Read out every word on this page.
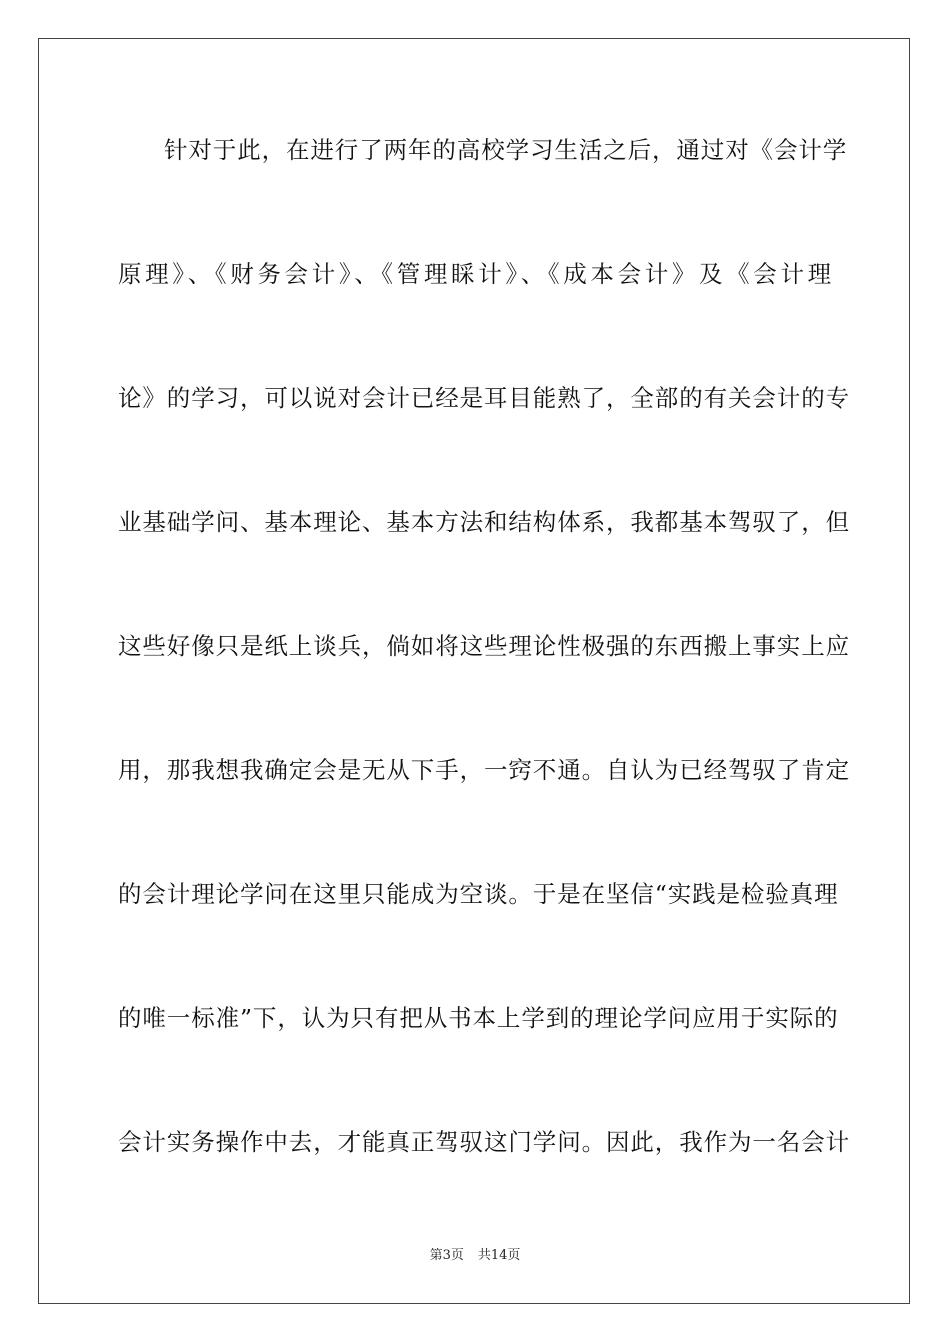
针对于此，在进行了两年的高校学习生活之后，通过对《会计学
原理》、《财务会计》、《管理睬计》、《成本会计》及《会计理
论》的学习，可以说对会计已经是耳目能熟了，全部的有关会计的专
业基础学问、基本理论、基本方法和结构体系，我都基本驾驭了，但
这些好像只是纸上谈兵，倘如将这些理论性极强的东西搬上事实上应
用，那我想我确定会是无从下手，一窍不通。自认为已经驾驭了肯定
的会计理论学问在这里只能成为空谈。于是在坚信“实践是检验真理
的唯一标准”下，认为只有把从书本上学到的理论学问应用于实际的
会计实务操作中去，才能真正驾驭这门学问。因此，我作为一名会计
第3页 共14页
